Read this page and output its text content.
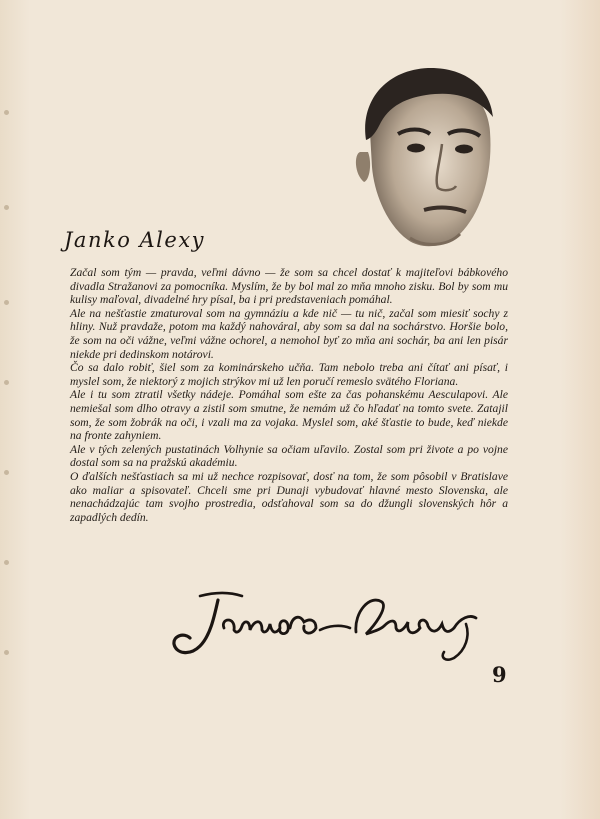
Janko Alexy

Začal som tým — pravda, veľmi dávno — že som sa chcel dostať k majiteľovi bábkového divadla Stražanovi za pomocníka. Myslím, že by bol mal zo mňa mnoho zisku. Bol by som mu kulisy maľoval, divadelné hry písal, ba i pri predstaveniach pomáhal.

Ale na nešťastie zmaturoval som na gymnáziu a kde nič — tu nič, začal som miesiť sochy z hliny. Nuž pravdaže, potom ma každý nahováral, aby som sa dal na sochárstvo. Horšie bolo, že som na oči vážne, veľmi vážne ochorel, a nemohol byť zo mňa ani sochár, ba ani len pisár niekde pri dedinskom notárovi.

Čo sa dalo robiť, šiel som za kominárskeho učňa. Tam nebolo treba ani čítať ani písať, i myslel som, že niektorý z mojich strýkov mi už len poručí remeslo svätého Floriana.

Ale i tu som ztratil všetky nádeje. Pomáhal som ešte za čas pohanskému Aesculapovi. Ale nemiešal som dlho otravy a zistil som smutne, že nemám už čo hľadať na tomto svete. Zatajil som, že som žobrák na oči, i vzali ma za vojaka. Myslel som, aké šťastie to bude, keď niekde na fronte zahyniem.

Ale v tých zelených pustatinách Volhynie sa očiam uľavilo. Zostal som pri živote a po vojne dostal som sa na pražskú akadémiu.

O ďalších nešťastiach sa mi už nechce rozpisovať, dosť na tom, že som pôsobil v Bratislave ako maliar a spisovateľ. Chceli sme pri Dunaji vybudovať hlavné mesto Slovenska, ale nenachádzajúc tam svojho prostredia, odsťahoval som sa do džungli slovenských hôr a zapadlých dedín.

9
